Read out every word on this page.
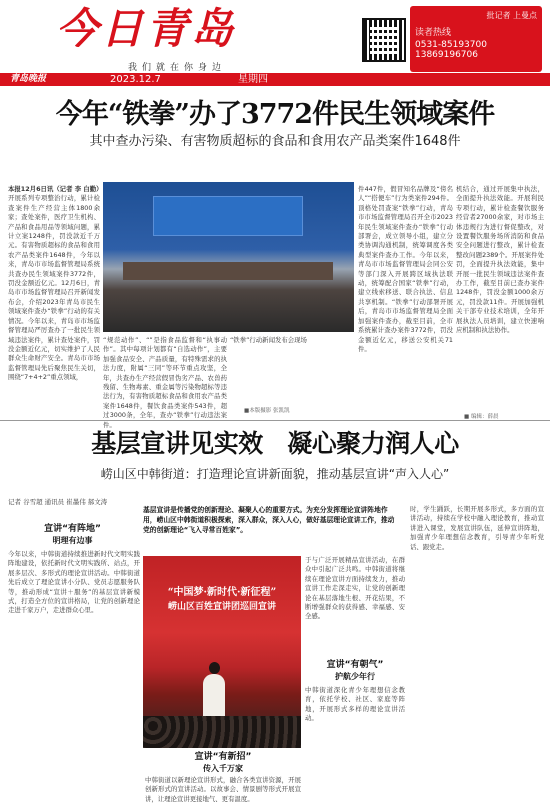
今日青岛
我们就在你身边
批记者 上曼点
读者热线
0531-85193700
13869196706
青岛晚报	2023.12.7	星期四
今年“铁拳”办了3772件民生领域案件
其中查办污染、有害物质超标的食品和食用农产品类案件1648件
本报12月6日讯（记者 李 白勤）开展系列专项整治行动，累计检查案件生产经营主体1800余家；查处案件，医疗卫生机构、产品和食品用品等领域问题，累计立案1248件，罚没款近千万元。有害物质超标的食品和食用农产品类案件1648件，今年以来，青岛市市场监督管理局系统共查办民生领域案件3772件，罚没金额近亿元。12月6日，青岛市市场监督管理局召开新闻发布会，介绍2023年青岛市民生领域案件查办“铁拳”行动的有关情况。今年以来，青岛市市场监督管理局严厉查办了一批民生领域违法案件，累计查处案件，罚没金额近亿元，切实维护了人民群众生命财产安全。青岛市市场监督管理局先后聚焦民生关切，围绕“7+4+2”重点领域，
■本版摄影 张凯凯
“规范动作”、“”是指食品监督和“执事动作”。其中每项计划都有“自选动作”，主要加强食品安全、产品质量，有特殊需求的执法力度，附属“三同”等环节重点攻坚，全年，共查办生产经营假冒伪劣产品、农兽药残留、生物毒素、重金属等污染物超标等违法行为，有害物质超标食品和食用农产品类案件1648件，餐饮食品类案件543件，超过3000条，全年，查办“铁拳”行动违法案件。
“铁拳”行动新闻发布会现场
件447件，假冒知名品牌及“傍名人”“搭便车”行为类案件294件。顶格处罚查案“铁拳”行动，青岛市市场监督管理局召开全市2023年民生领域案件查办“铁拳”行动部署会，成立领导小组，建立分类协调沟通机制，统筹调度各类典型案件查办工作。今年以来，青岛市市场监督管理局会同公安等部门深入开展跨区域执法联动，统筹配合国家“铁拳”行动，建立线索移送、联合执法、信息共享机制。“铁拳”行动部署开展后，青岛市市场监督管理局全面加强案件查办，截至目前，全市系统累计查办案件3772件，罚没金额近亿元，移送公安机关71件。
机结合，通过开展集中执法，全面提升执法效能。开展利民专项行动，累计检查餐饮服务经营者27000余家，对市场主体违规行为进行督促整改，对设置餐饮服务场所消防和食品安全问题进行整改，累计检查整改问题2389个。开展案件处罚，全面提升执法效能，集中开展一批民生领域违法案件查办工作，截至目前已查办案件1248件，罚没金额1000余万元，罚没款11件。开展加强机关干部专业技术培训，全年开展执法人员培训，建立快速响应机制和执法协作。
■ 编辑：薛晨
基层宣讲见实效　凝心聚力润人心
崂山区中韩街道：打造理论宣讲新面貌，推动基层宣讲“声入人心”
记者 谷雪超 通讯员 崔墨伟 郝文涛
宣讲“有阵地”
明理有边事
今年以来，中韩街道持续推进新时代文明实践阵地建设，依托新时代文明实践所、站点，开展多层次、多形式的理论宣讲活动。中韩街道先后成立了理论宣讲小分队、党员志愿服务队等，推动形成“宣讲＋服务”的基层宣讲新模式，打造全方位的宣讲格局，让党的创新理论走进千家万户，走进群众心里。
基层宣讲是传播党的创新理论、凝聚人心的重要方式。为充分发挥理论宣讲阵地作用，崂山区中韩街道积极探索，深入群众，深入人心，做好基层理论宣讲工作，推动党的创新理论“飞入寻常百姓家”。
“中国梦·新时代·新征程”
崂山区百姓宣讲团巡回宣讲
宣讲“有新招”
传入千万家
中韩街道以新理论宣讲形式，融合各类宣讲资源，开展创新形式的宣讲活动。以故事会、情景剧等形式开展宣讲，让理论宣讲更接地气、更有温度。
于与广泛开展精品宣讲活动，在群众中引起广泛共鸣。中韩街道将继续在理论宣讲方面持续发力，推动宣讲工作走深走实，让党的创新理论在基层落地生根、开花结果，不断增强群众的获得感、幸福感、安全感。
宣讲“有朝气”
护航少年行
中韩街道深化青少年理想信念教育，依托学校、社区、家庭等阵地，开展形式多样的理论宣讲活动。
时，学生踊跃，长期开展多形式，多方面的宣讲活动，持续在学校中融入理论教育，推动宣讲进入课堂，发展宣讲队伍，延伸宣讲阵地，加强青少年理想信念教育，引导青少年听党话、跟党走。
